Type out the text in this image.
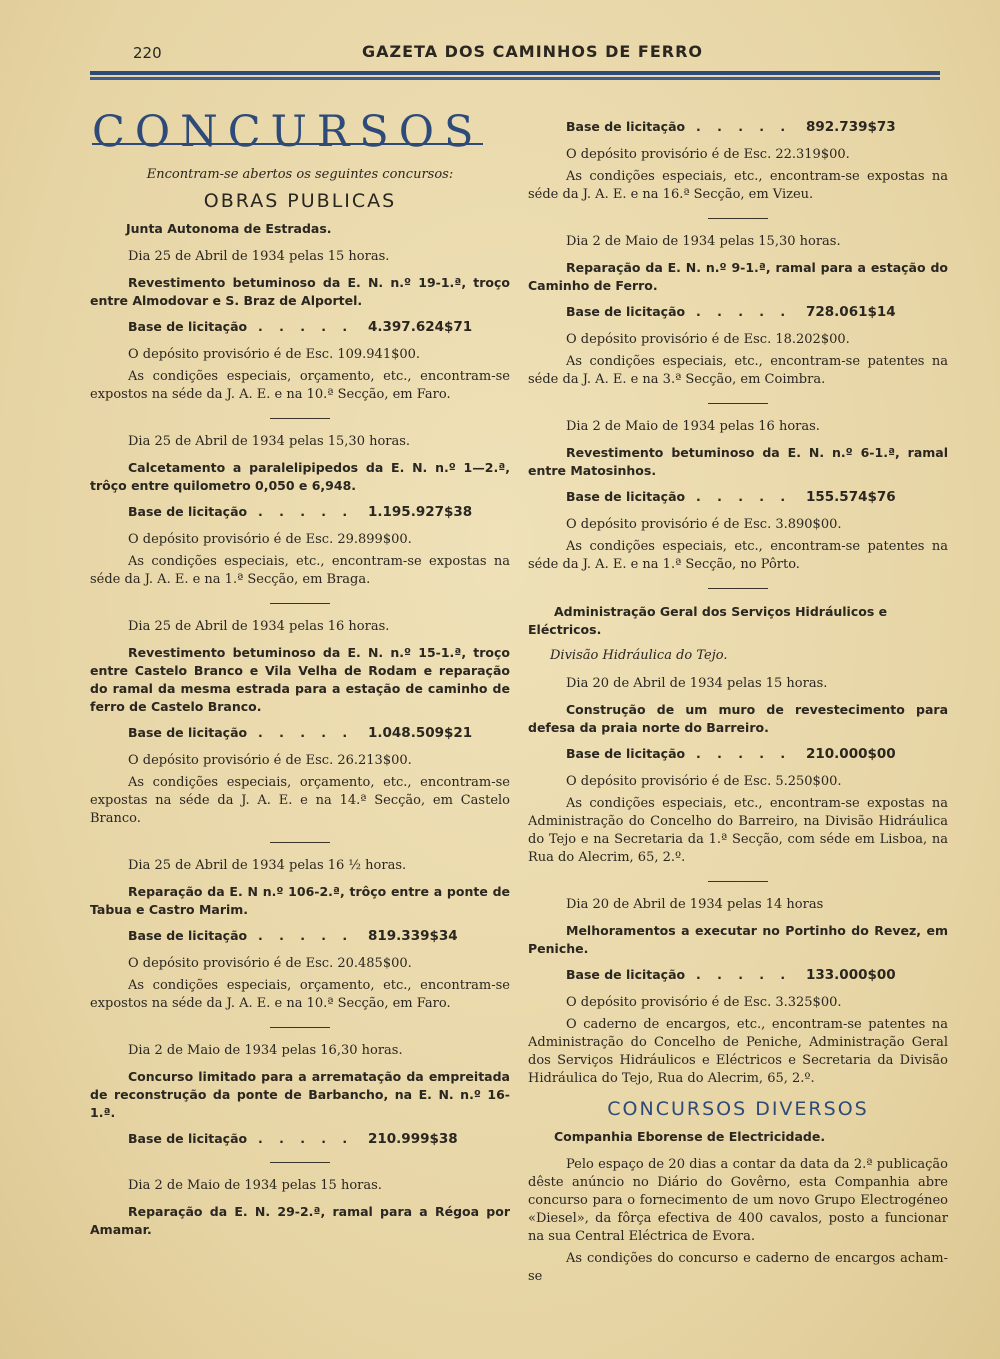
220	GAZETA DOS CAMINHOS DE FERRO
CONCURSOS
Encontram-se abertos os seguintes concursos:
OBRAS PUBLICAS
Junta Autonoma de Estradas.

Dia 25 de Abril de 1934 pelas 15 horas.

Revestimento betuminoso da E. N. n.º 19-1.ª, troço entre Almodovar e S. Braz de Alportel.

Base de licitação . . . . .	4.397.624$71

O depósito provisório é de Esc. 109.941$00.

As condições especiais, orçamento, etc., encontram-se expostos na séde da J. A. E. e na 10.ª Secção, em Faro.

Dia 25 de Abril de 1934 pelas 15,30 horas.

Calcetamento a paralelipipedos da E. N. n.º 1—2.ª, trôço entre quilometro 0,050 e 6,948.

Base de licitação . . . . .	1.195.927$38

O depósito provisório é de Esc. 29.899$00.

As condições especiais, etc., encontram-se expostas na séde da J. A. E. e na 1.ª Secção, em Braga.

Dia 25 de Abril de 1934 pelas 16 horas.

Revestimento betuminoso da E. N. n.º 15-1.ª, troço entre Castelo Branco e Vila Velha de Rodam e reparação do ramal da mesma estrada para a estação de caminho de ferro de Castelo Branco.

Base de licitação . . . . .	1.048.509$21

O depósito provisório é de Esc. 26.213$00.

As condições especiais, orçamento, etc., encontram-se expostas na séde da J. A. E. e na 14.ª Secção, em Castelo Branco.

Dia 25 de Abril de 1934 pelas 16 ½ horas.

Reparação da E. N n.º 106-2.ª, trôço entre a ponte de Tabua e Castro Marim.

Base de licitação . . . . .	819.339$34

O depósito provisório é de Esc. 20.485$00.

As condições especiais, orçamento, etc., encontram-se expostos na séde da J. A. E. e na 10.ª Secção, em Faro.

Dia 2 de Maio de 1934 pelas 16,30 horas.

Concurso limitado para a arrematação da empreitada de reconstrução da ponte de Barbancho, na E. N. n.º 16-1.ª.

Base de licitação . . . . .	210.999$38

Dia 2 de Maio de 1934 pelas 15 horas.

Reparação da E. N. 29-2.ª, ramal para a Régoa por Amamar.

Base de licitação . . . . .	892.739$73

O depósito provisório é de Esc. 22.319$00.

As condições especiais, etc., encontram-se expostas na séde da J. A. E. e na 16.ª Secção, em Vizeu.

Dia 2 de Maio de 1934 pelas 15,30 horas.

Reparação da E. N. n.º 9-1.ª, ramal para a estação do Caminho de Ferro.

Base de licitação . . . . .	728.061$14

O depósito provisório é de Esc. 18.202$00.

As condições especiais, etc., encontram-se patentes na séde da J. A. E. e na 3.ª Secção, em Coimbra.

Dia 2 de Maio de 1934 pelas 16 horas.

Revestimento betuminoso da E. N. n.º 6-1.ª, ramal entre Matosinhos.

Base de licitação . . . . .	155.574$76

O depósito provisório é de Esc. 3.890$00.

As condições especiais, etc., encontram-se patentes na séde da J. A. E. e na 1.ª Secção, no Pôrto.

Administração Geral dos Serviços Hidráulicos e Eléctricos.
Divisão Hidráulica do Tejo.

Dia 20 de Abril de 1934 pelas 15 horas.

Construção de um muro de revestecimento para defesa da praia norte do Barreiro.

Base de licitação . . . . .	210.000$00

O depósito provisório é de Esc. 5.250$00.

As condições especiais, etc., encontram-se expostas na Administração do Concelho do Barreiro, na Divisão Hidráulica do Tejo e na Secretaria da 1.ª Secção, com séde em Lisboa, na Rua do Alecrim, 65, 2.º.

Dia 20 de Abril de 1934 pelas 14 horas

Melhoramentos a executar no Portinho do Revez, em Peniche.

Base de licitação . . . . .	133.000$00

O depósito provisório é de Esc. 3.325$00.

O caderno de encargos, etc., encontram-se patentes na Administração do Concelho de Peniche, Administração Geral dos Serviços Hidráulicos e Eléctricos e Secretaria da Divisão Hidráulica do Tejo, Rua do Alecrim, 65, 2.º.

CONCURSOS DIVERSOS
Companhia Eborense de Electricidade.

Pelo espaço de 20 dias a contar da data da 2.ª publicação dêste anúncio no Diário do Govêrno, esta Companhia abre concurso para o fornecimento de um novo Grupo Electrogéneo «Diesel», da fôrça efectiva de 400 cavalos, posto a funcionar na sua Central Eléctrica de Evora.

As condições do concurso e caderno de encargos acham-se
